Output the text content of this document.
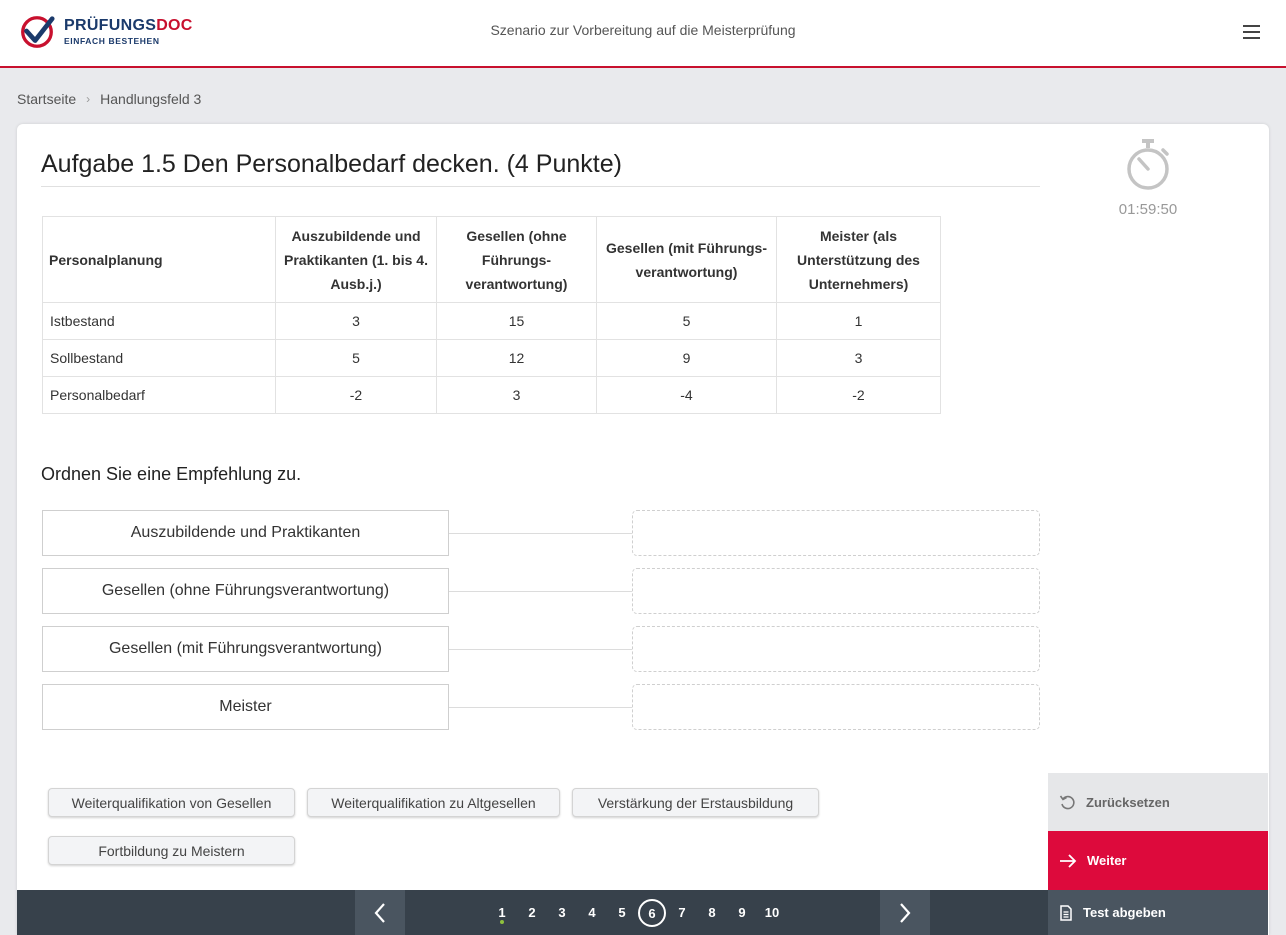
PRÜFUNGSDOC
EINFACH BESTEHEN
Szenario zur Vorbereitung auf die Meisterprüfung
Startseite › Handlungsfeld 3
Aufgabe 1.5 Den Personalbedarf decken. (4 Punkte)
01:59:50
Personalplanung	Auszubildende und Praktikanten (1. bis 4. Ausb.j.)	Gesellen (ohne Führungs-verantwortung)	Gesellen (mit Führungs-verantwortung)	Meister (als Unterstützung des Unternehmers)
Istbestand	3	15	5	1
Sollbestand	5	12	9	3
Personalbedarf	-2	3	-4	-2
Ordnen Sie eine Empfehlung zu.
Auszubildende und Praktikanten
Gesellen (ohne Führungsverantwortung)
Gesellen (mit Führungsverantwortung)
Meister
Weiterqualifikation von Gesellen	Weiterqualifikation zu Altgesellen	Verstärkung der Erstausbildung
Fortbildung zu Meistern
Zurücksetzen
Weiter
Test abgeben
1	2	3	4	5	6	7	8	9	10
